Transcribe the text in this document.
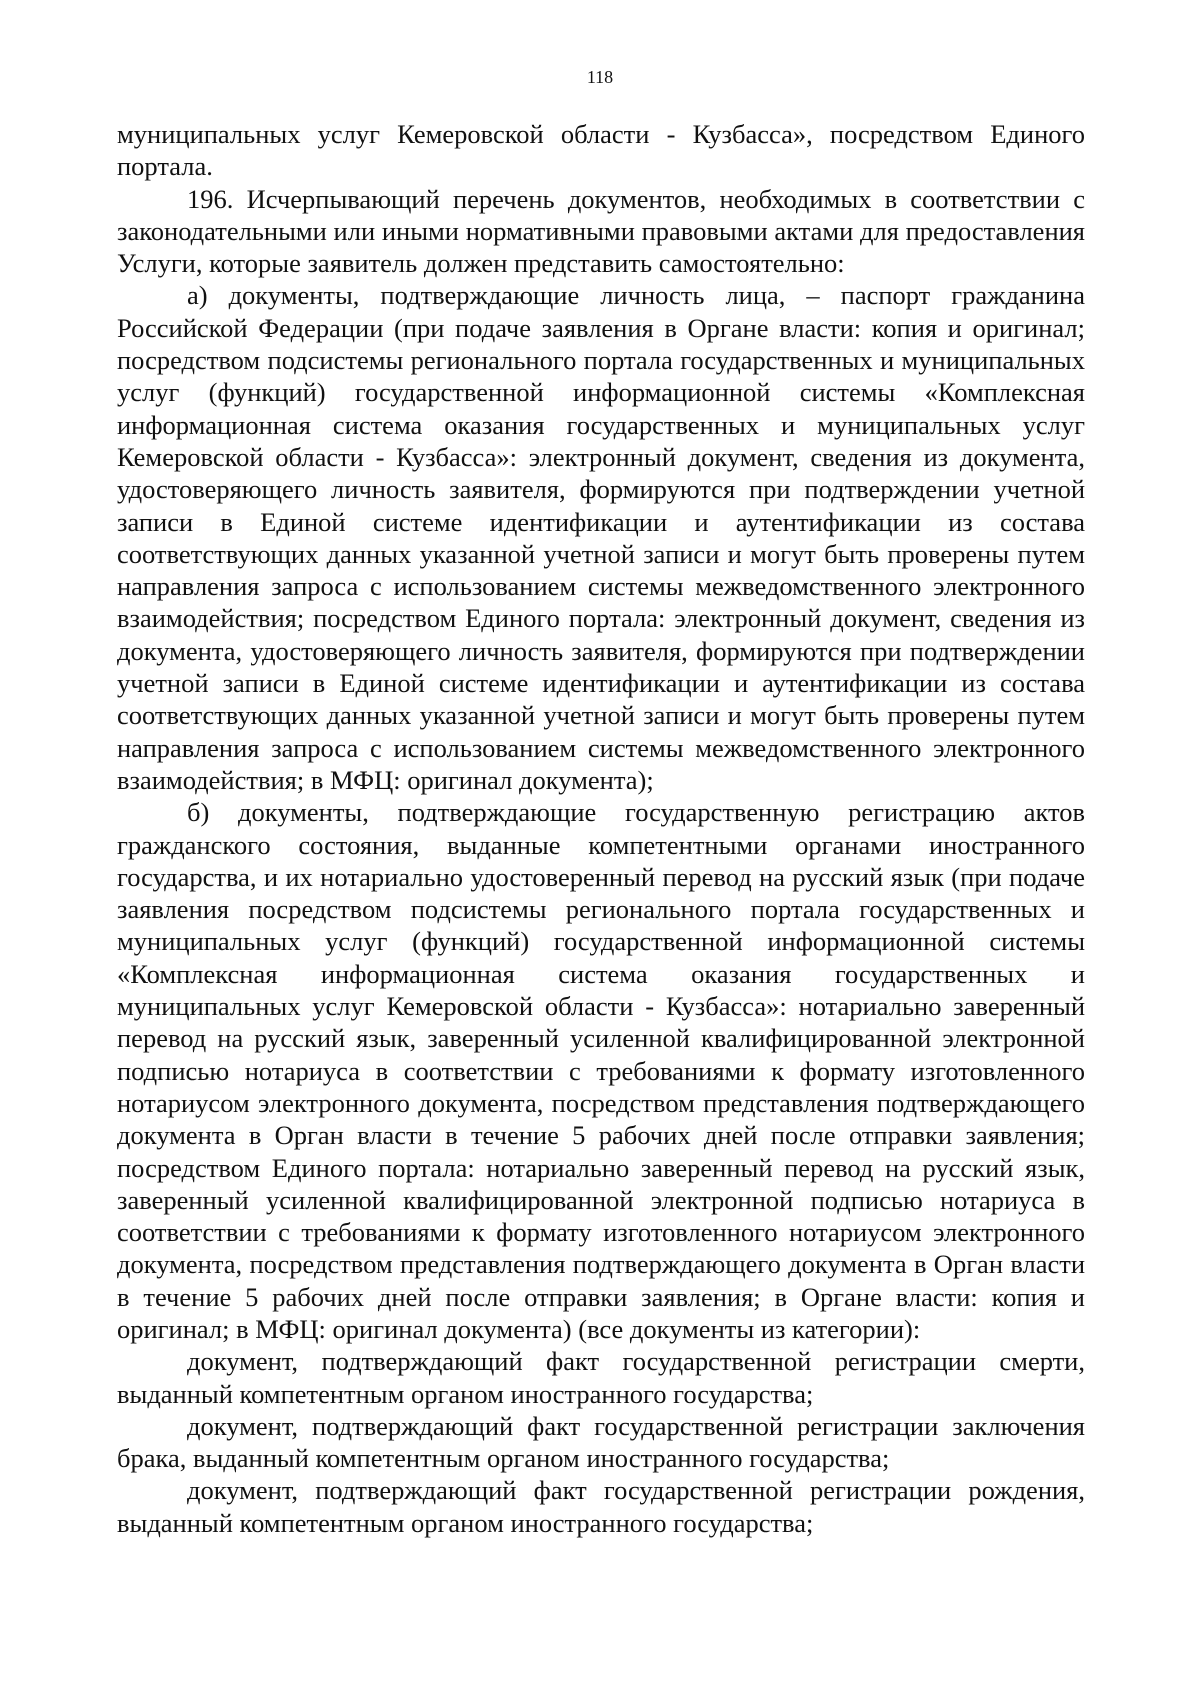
118

муниципальных услуг Кемеровской области - Кузбасса», посредством Единого портала.

196. Исчерпывающий перечень документов, необходимых в соответствии с законодательными или иными нормативными правовыми актами для предоставления Услуги, которые заявитель должен представить самостоятельно:

а) документы, подтверждающие личность лица, – паспорт гражданина Российской Федерации (при подаче заявления в Органе власти: копия и оригинал; посредством подсистемы регионального портала государственных и муниципальных услуг (функций) государственной информационной системы «Комплексная информационная система оказания государственных и муниципальных услуг Кемеровской области - Кузбасса»: электронный документ, сведения из документа, удостоверяющего личность заявителя, формируются при подтверждении учетной записи в Единой системе идентификации и аутентификации из состава соответствующих данных указанной учетной записи и могут быть проверены путем направления запроса с использованием системы межведомственного электронного взаимодействия; посредством Единого портала: электронный документ, сведения из документа, удостоверяющего личность заявителя, формируются при подтверждении учетной записи в Единой системе идентификации и аутентификации из состава соответствующих данных указанной учетной записи и могут быть проверены путем направления запроса с использованием системы межведомственного электронного взаимодействия; в МФЦ: оригинал документа);

б) документы, подтверждающие государственную регистрацию актов гражданского состояния, выданные компетентными органами иностранного государства, и их нотариально удостоверенный перевод на русский язык (при подаче заявления посредством подсистемы регионального портала государственных и муниципальных услуг (функций) государственной информационной системы «Комплексная информационная система оказания государственных и муниципальных услуг Кемеровской области - Кузбасса»: нотариально заверенный перевод на русский язык, заверенный усиленной квалифицированной электронной подписью нотариуса в соответствии с требованиями к формату изготовленного нотариусом электронного документа, посредством представления подтверждающего документа в Орган власти в течение 5 рабочих дней после отправки заявления; посредством Единого портала: нотариально заверенный перевод на русский язык, заверенный усиленной квалифицированной электронной подписью нотариуса в соответствии с требованиями к формату изготовленного нотариусом электронного документа, посредством представления подтверждающего документа в Орган власти в течение 5 рабочих дней после отправки заявления; в Органе власти: копия и оригинал; в МФЦ: оригинал документа) (все документы из категории):

документ, подтверждающий факт государственной регистрации смерти, выданный компетентным органом иностранного государства;

документ, подтверждающий факт государственной регистрации заключения брака, выданный компетентным органом иностранного государства;

документ, подтверждающий факт государственной регистрации рождения, выданный компетентным органом иностранного государства;
